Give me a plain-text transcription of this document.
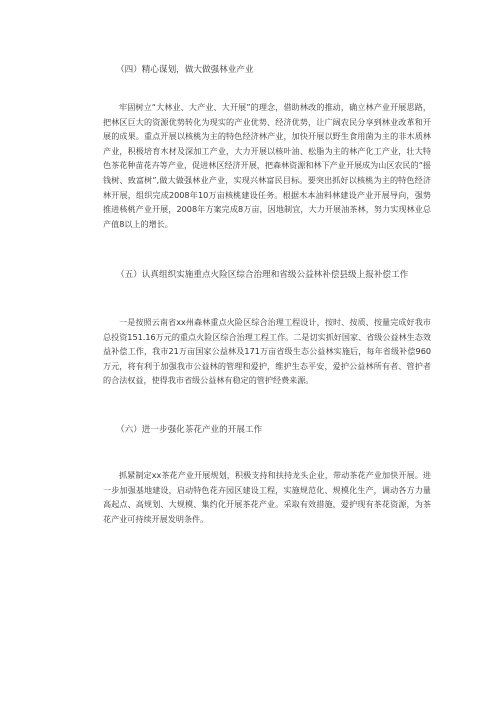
（四）精心谋划，做大做强林业产业

牢固树立“大林业、大产业、大开展”的理念，借助林改的推动，确立林产业开展思路，把林区巨大的资源优势转化为现实的产业优势、经济优势，让广阔农民分享到林业改革和开展的成果。重点开展以核桃为主的特色经济林产业，加快开展以野生食用菌为主的非木质林产业，积极培育木材及深加工产业，大力开展以核叶油、松脂为主的林产化工产业，壮大特色茶花种苗花卉等产业，促进林区经济开展，把森林资源和林下产业开展成为山区农民的“摇钱树、致富树”,做大做强林业产业，实现兴林富民目标。要突出抓好以核桃为主的特色经济林开展，组织完成2008年10万亩核桃建设任务。根据木本油料林建设产业开展导向，强势推进核桃产业开展，2008年方案完成8万亩，因地制宜，大力开展油茶林，努力实现林业总产值8以上的增长。

（五）认真组织实施重点火险区综合治理和省级公益林补偿县级上报补偿工作

一是按照云南省xx州森林重点火险区综合治理工程设计，按时、按质、按量完成好我市总投资151.16万元的重点火险区综合治理工程工作。二是切实抓好国家、省级公益林生态效益补偿工作，我市21万亩国家公益林及171万亩省级生态公益林实施后，每年省级补偿960万元，将有利于加强我市公益林的管理和爱护，维护生态平安，爱护公益林所有者、管护者的合法权益，使得我市省级公益林有稳定的管护经费来源。

（六）进一步强化茶花产业的开展工作

抓紧制定xx茶花产业开展规划，积极支持和扶持龙头企业，带动茶花产业加快开展。进一步加强基地建设，启动特色花卉园区建设工程，实施规范化、规模化生产，调动各方力量高起点、高规划、大规模、集约化开展茶花产业。采取有效措施，爱护现有茶花资源，为茶花产业可持续开展发明条件。
